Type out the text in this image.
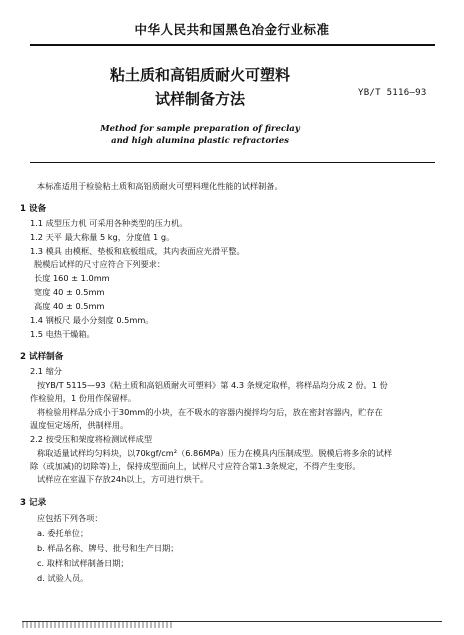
中华人民共和国黑色冶金行业标准
粘土质和高铝质耐火可塑料
试样制备方法	YB/T 5116—93
Method for sample preparation of fireclay
and high alumina plastic refractories
本标准适用于检验粘土质和高铝质耐火可塑料理化性能的试样制备。
1 设备
1.1 成型压力机 可采用各种类型的压力机。
1.2 天平 最大称量 5 kg，分度值 1 g。
1.3 模具 由模框、垫板和底板组成，其内表面应光滑平整。
脱模后试样的尺寸应符合下列要求：
长度 160 ± 1.0mm
宽度 40 ± 0.5mm
高度 40 ± 0.5mm
1.4 钢板尺 最小分刻度 0.5mm。
1.5 电热干燥箱。
2 试样制备
2.1 缩分
按YB/T 5115—93《粘土质和高铝质耐火可塑料》第 4.3 条规定取样，将样品均分成 2 份。1 份
作检验用，1 份用作保留样。
将检验用样品分成小于30mm的小块，在不吸水的容器内搅拌均匀后，放在密封容器内，贮存在
温度恒定场所，供制样用。
2.2 按受压和架度将检测试样成型
称取适量试样均匀料块，以70kgf/cm²（6.86MPa）压力在模具内压制成型。脱模后将多余的试样
除（或加减)的切除等)上，保持成型面向上，试样尺寸应符合第1.3条规定，不得产生变形。
试样应在室温下存放24h以上，方可进行烘干。
3 记录
应包括下列各项：
a. 委托单位；
b. 样品名称、牌号、批号和生产日期；
c. 取样和试样制备日期；
d. 试验人员。
